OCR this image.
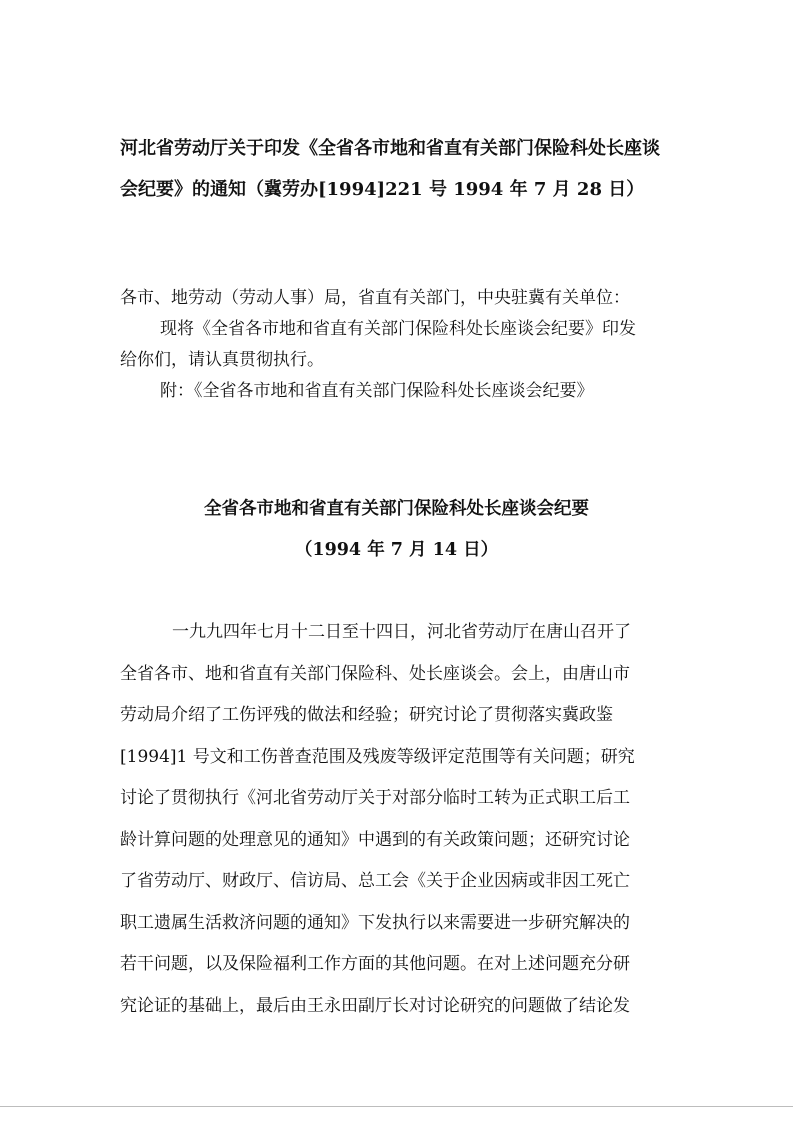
河北省劳动厅关于印发《全省各市地和省直有关部门保险科处长座谈
会纪要》的通知（冀劳办[1994]221 号 1994 年 7 月 28 日）
各市、地劳动（劳动人事）局，省直有关部门，中央驻冀有关单位：
现将《全省各市地和省直有关部门保险科处长座谈会纪要》印发
给你们，请认真贯彻执行。
附：《全省各市地和省直有关部门保险科处长座谈会纪要》
全省各市地和省直有关部门保险科处长座谈会纪要
（1994 年 7 月 14 日）
一九九四年七月十二日至十四日，河北省劳动厅在唐山召开了
全省各市、地和省直有关部门保险科、处长座谈会。会上，由唐山市
劳动局介绍了工伤评残的做法和经验；研究讨论了贯彻落实冀政鉴
[1994]1 号文和工伤普查范围及残废等级评定范围等有关问题；研究
讨论了贯彻执行《河北省劳动厅关于对部分临时工转为正式职工后工
龄计算问题的处理意见的通知》中遇到的有关政策问题；还研究讨论
了省劳动厅、财政厅、信访局、总工会《关于企业因病或非因工死亡
职工遗属生活救济问题的通知》下发执行以来需要进一步研究解决的
若干问题，以及保险福利工作方面的其他问题。在对上述问题充分研
究论证的基础上，最后由王永田副厅长对讨论研究的问题做了结论发
